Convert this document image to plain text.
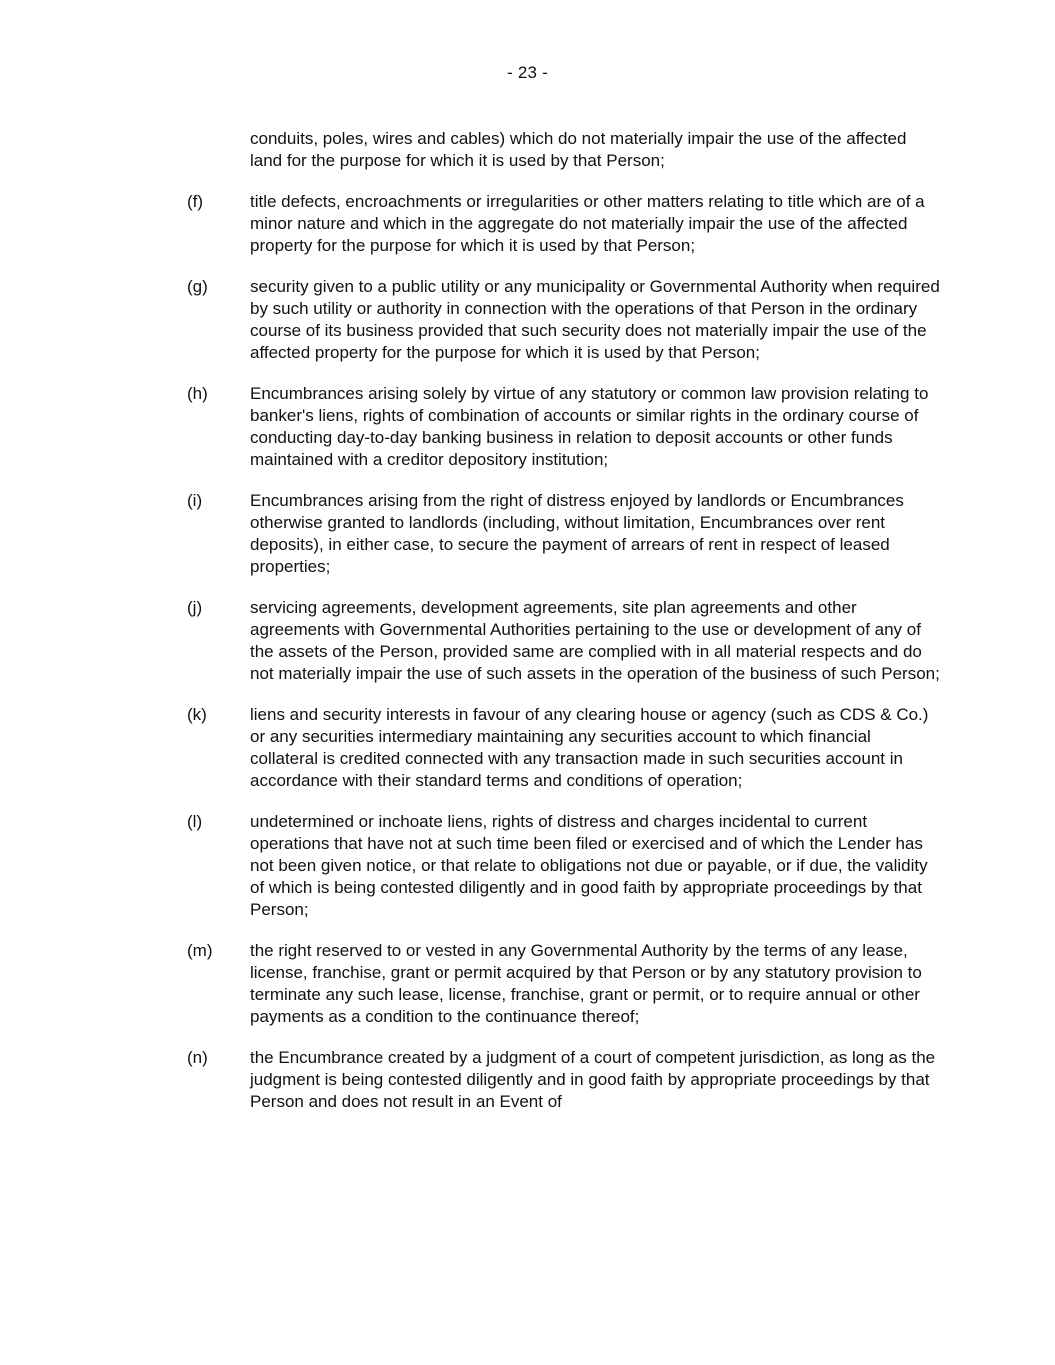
- 23 -
conduits, poles, wires and cables) which do not materially impair the use of the affected land for the purpose for which it is used by that Person;
(f)	title defects, encroachments or irregularities or other matters relating to title which are of a minor nature and which in the aggregate do not materially impair the use of the affected property for the purpose for which it is used by that Person;
(g)	security given to a public utility or any municipality or Governmental Authority when required by such utility or authority in connection with the operations of that Person in the ordinary course of its business provided that such security does not materially impair the use of the affected property for the purpose for which it is used by that Person;
(h)	Encumbrances arising solely by virtue of any statutory or common law provision relating to banker's liens, rights of combination of accounts or similar rights in the ordinary course of conducting day-to-day banking business in relation to deposit accounts or other funds maintained with a creditor depository institution;
(i)	Encumbrances arising from the right of distress enjoyed by landlords or Encumbrances otherwise granted to landlords (including, without limitation, Encumbrances over rent deposits), in either case, to secure the payment of arrears of rent in respect of leased properties;
(j)	servicing agreements, development agreements, site plan agreements and other agreements with Governmental Authorities pertaining to the use or development of any of the assets of the Person, provided same are complied with in all material respects and do not materially impair the use of such assets in the operation of the business of such Person;
(k)	liens and security interests in favour of any clearing house or agency (such as CDS & Co.) or any securities intermediary maintaining any securities account to which financial collateral is credited connected with any transaction made in such securities account in accordance with their standard terms and conditions of operation;
(l)	undetermined or inchoate liens, rights of distress and charges incidental to current operations that have not at such time been filed or exercised and of which the Lender has not been given notice, or that relate to obligations not due or payable, or if due, the validity of which is being contested diligently and in good faith by appropriate proceedings by that Person;
(m)	the right reserved to or vested in any Governmental Authority by the terms of any lease, license, franchise, grant or permit acquired by that Person or by any statutory provision to terminate any such lease, license, franchise, grant or permit, or to require annual or other payments as a condition to the continuance thereof;
(n)	the Encumbrance created by a judgment of a court of competent jurisdiction, as long as the judgment is being contested diligently and in good faith by appropriate proceedings by that Person and does not result in an Event of
